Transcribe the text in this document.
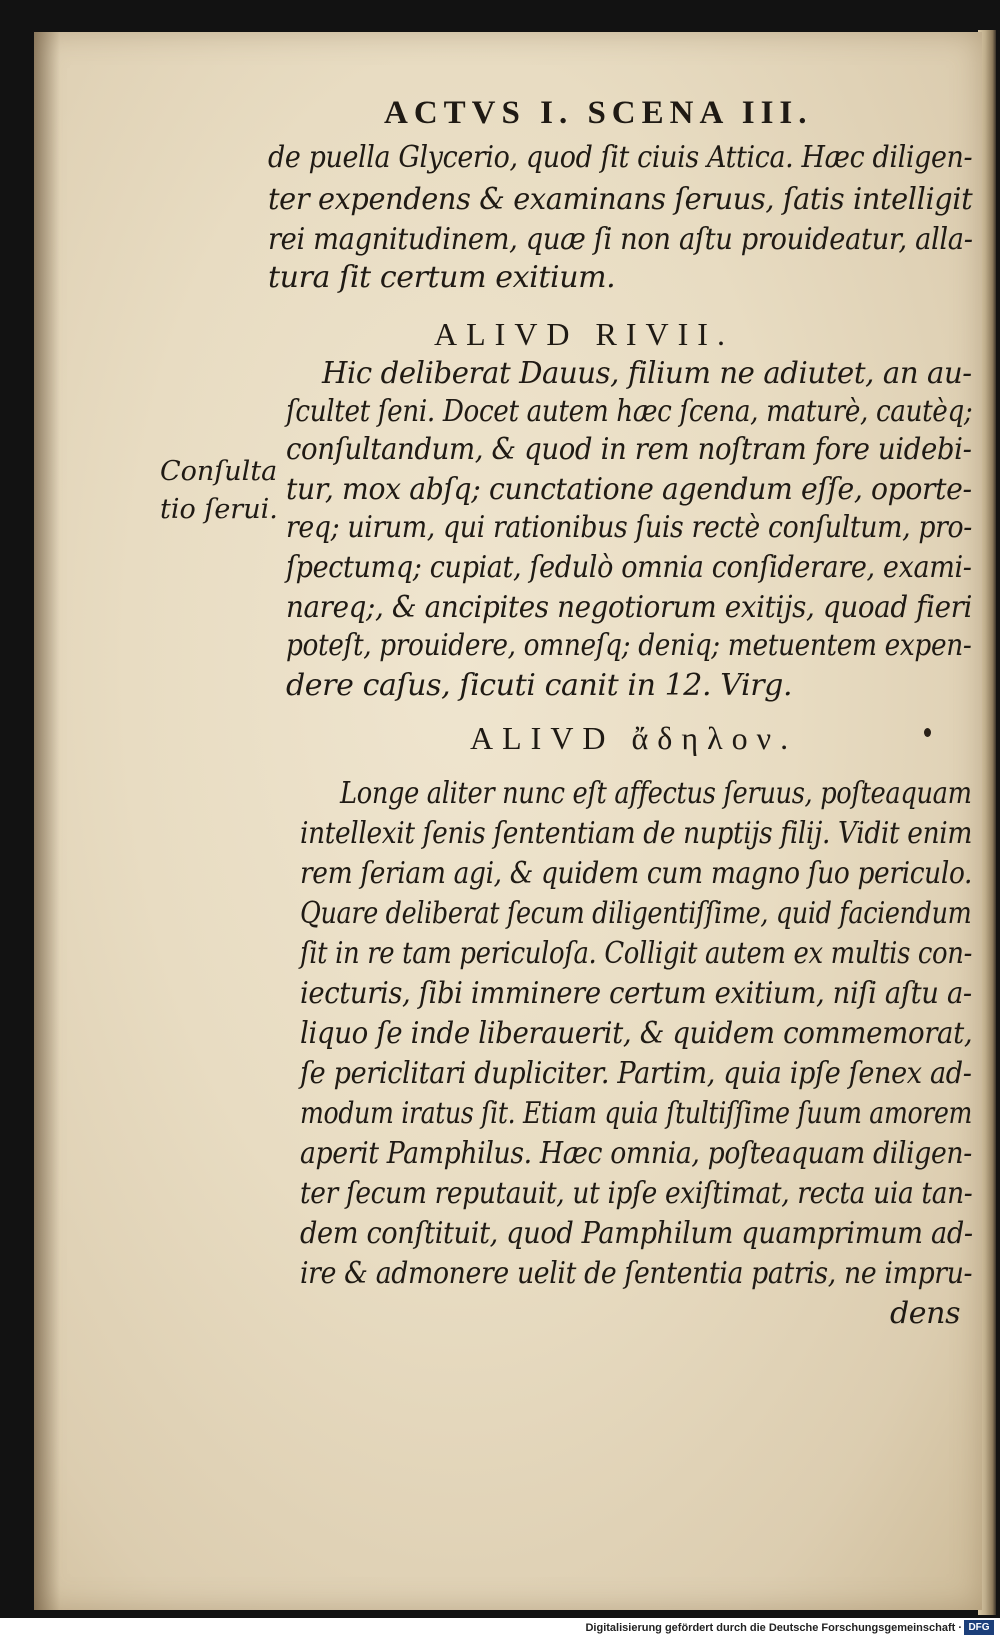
ACTVS I. SCENA III.

de puella Glycerio, quod ſit ciuis Attica. Hæc diligen-

ter expendens & examinans ſeruus, ſatis intelligit

rei magnitudinem, quæ ſi non aſtu prouideatur, alla-

tura ſit certum exitium.

ALIVD RIVII.

Hic deliberat Dauus, filium ne adiutet, an au-

ſcultet ſeni. Docet autem hæc ſcena, maturè, cautèq;

conſultandum, & quod in rem noſtram fore uidebi-

tur, mox abſq; cunctatione agendum eſſe, oporte-

req; uirum, qui rationibus ſuis rectè conſultum, pro-

ſpectumq; cupiat, ſedulò omnia conſiderare, exami-

nareq;, & ancipites negotiorum exitijs, quoad fieri

poteſt, prouidere, omneſq; deniq; metuentem expen-

dere caſus, ſicuti canit in 12. Virg.

Conſulta

tio ſerui.

ALIVD ἄδηλον.

Longe aliter nunc eſt affectus ſeruus, poſteaquam

intellexit ſenis ſententiam de nuptijs filij. Vidit enim

rem ſeriam agi, & quidem cum magno ſuo periculo.

Quare deliberat ſecum diligentiſſime, quid faciendum

ſit in re tam periculoſa. Colligit autem ex multis con-

iecturis, ſibi imminere certum exitium, niſi aſtu a-

liquo ſe inde liberauerit, & quidem commemorat,

ſe periclitari dupliciter. Partim, quia ipſe ſenex ad-

modum iratus ſit. Etiam quia ſtultiſſime ſuum amorem

aperit Pamphilus. Hæc omnia, poſteaquam diligen-

ter ſecum reputauit, ut ipſe exiſtimat, recta uia tan-

dem conſtituit, quod Pamphilum quamprimum ad-

ire & admonere uelit de ſententia patris, ne impru-

dens

Digitalisierung gefördert durch die Deutsche Forschungsgemeinschaft · DFG
